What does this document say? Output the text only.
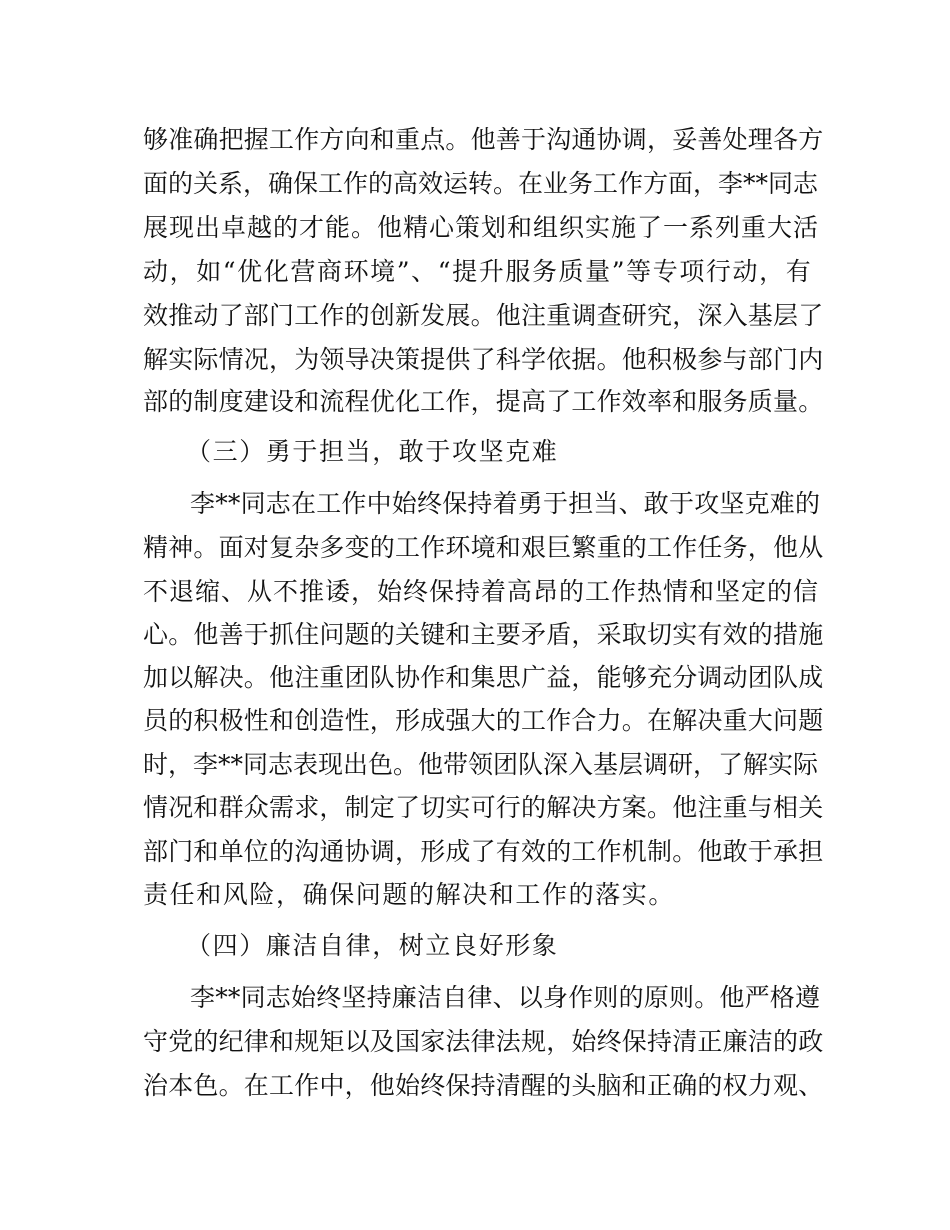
够准确把握工作方向和重点。他善于沟通协调，妥善处理各方
面的关系，确保工作的高效运转。在业务工作方面，李**同志
展现出卓越的才能。他精心策划和组织实施了一系列重大活
动，如“优化营商环境”、“提升服务质量”等专项行动，有
效推动了部门工作的创新发展。他注重调查研究，深入基层了
解实际情况，为领导决策提供了科学依据。他积极参与部门内
部的制度建设和流程优化工作，提高了工作效率和服务质量。
（三）勇于担当，敢于攻坚克难
李**同志在工作中始终保持着勇于担当、敢于攻坚克难的
精神。面对复杂多变的工作环境和艰巨繁重的工作任务，他从
不退缩、从不推诿，始终保持着高昂的工作热情和坚定的信
心。他善于抓住问题的关键和主要矛盾，采取切实有效的措施
加以解决。他注重团队协作和集思广益，能够充分调动团队成
员的积极性和创造性，形成强大的工作合力。在解决重大问题
时，李**同志表现出色。他带领团队深入基层调研，了解实际
情况和群众需求，制定了切实可行的解决方案。他注重与相关
部门和单位的沟通协调，形成了有效的工作机制。他敢于承担
责任和风险，确保问题的解决和工作的落实。
（四）廉洁自律，树立良好形象
李**同志始终坚持廉洁自律、以身作则的原则。他严格遵
守党的纪律和规矩以及国家法律法规，始终保持清正廉洁的政
治本色。在工作中，他始终保持清醒的头脑和正确的权力观、
